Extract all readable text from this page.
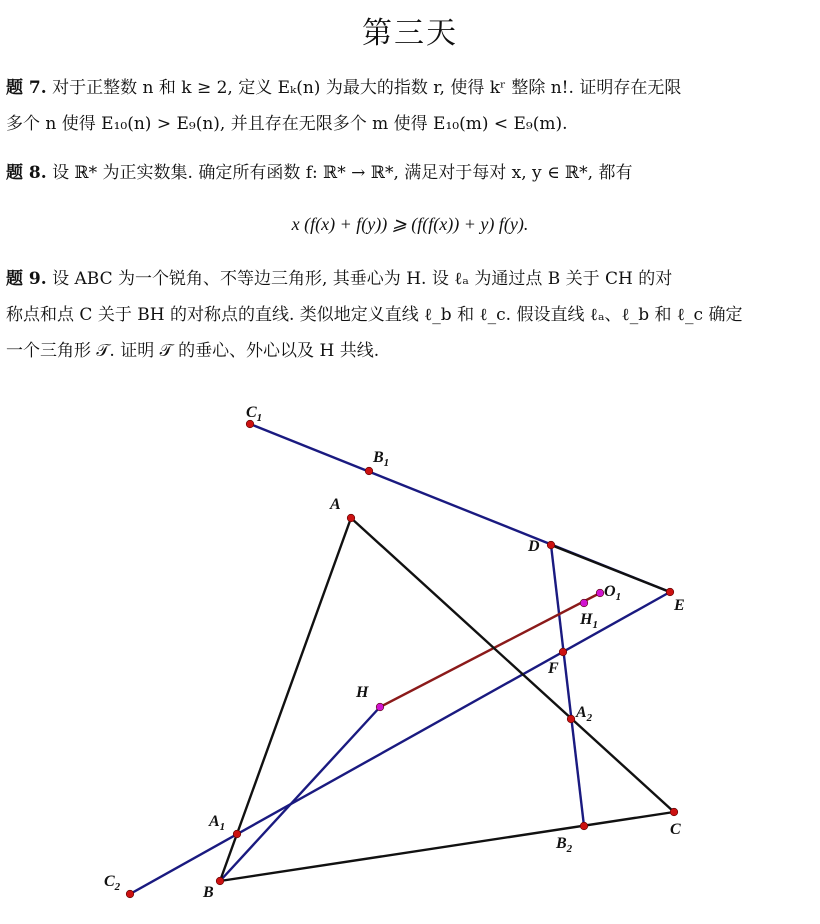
第三天
题 7. 对于正整数 n 和 k ≥ 2, 定义 Eₖ(n) 为最大的指数 r, 使得 kʳ 整除 n!. 证明存在无限
多个 n 使得 E₁₀(n) > E₉(n), 并且存在无限多个 m 使得 E₁₀(m) < E₉(m).
题 8. 设 ℝ* 为正实数集. 确定所有函数 f: ℝ* → ℝ*, 满足对于每对 x, y ∈ ℝ*, 都有
x (f(x) + f(y)) ⩾ (f(f(x)) + y) f(y).
题 9. 设 ABC 为一个锐角、不等边三角形, 其垂心为 H. 设 ℓₐ 为通过点 B 关于 CH 的对
称点和点 C 关于 BH 的对称点的直线. 类似地定义直线 ℓ_b 和 ℓ_c. 假设直线 ℓₐ、ℓ_b 和 ℓ_c 确定
一个三角形 𝒯. 证明 𝒯 的垂心、外心以及 H 共线.
$C_1$
$B_1$
A
D
$O_1$	E
$H_1$
F
H
$A_2$
$A_1$	C
$B_2$
$C_2$	B
